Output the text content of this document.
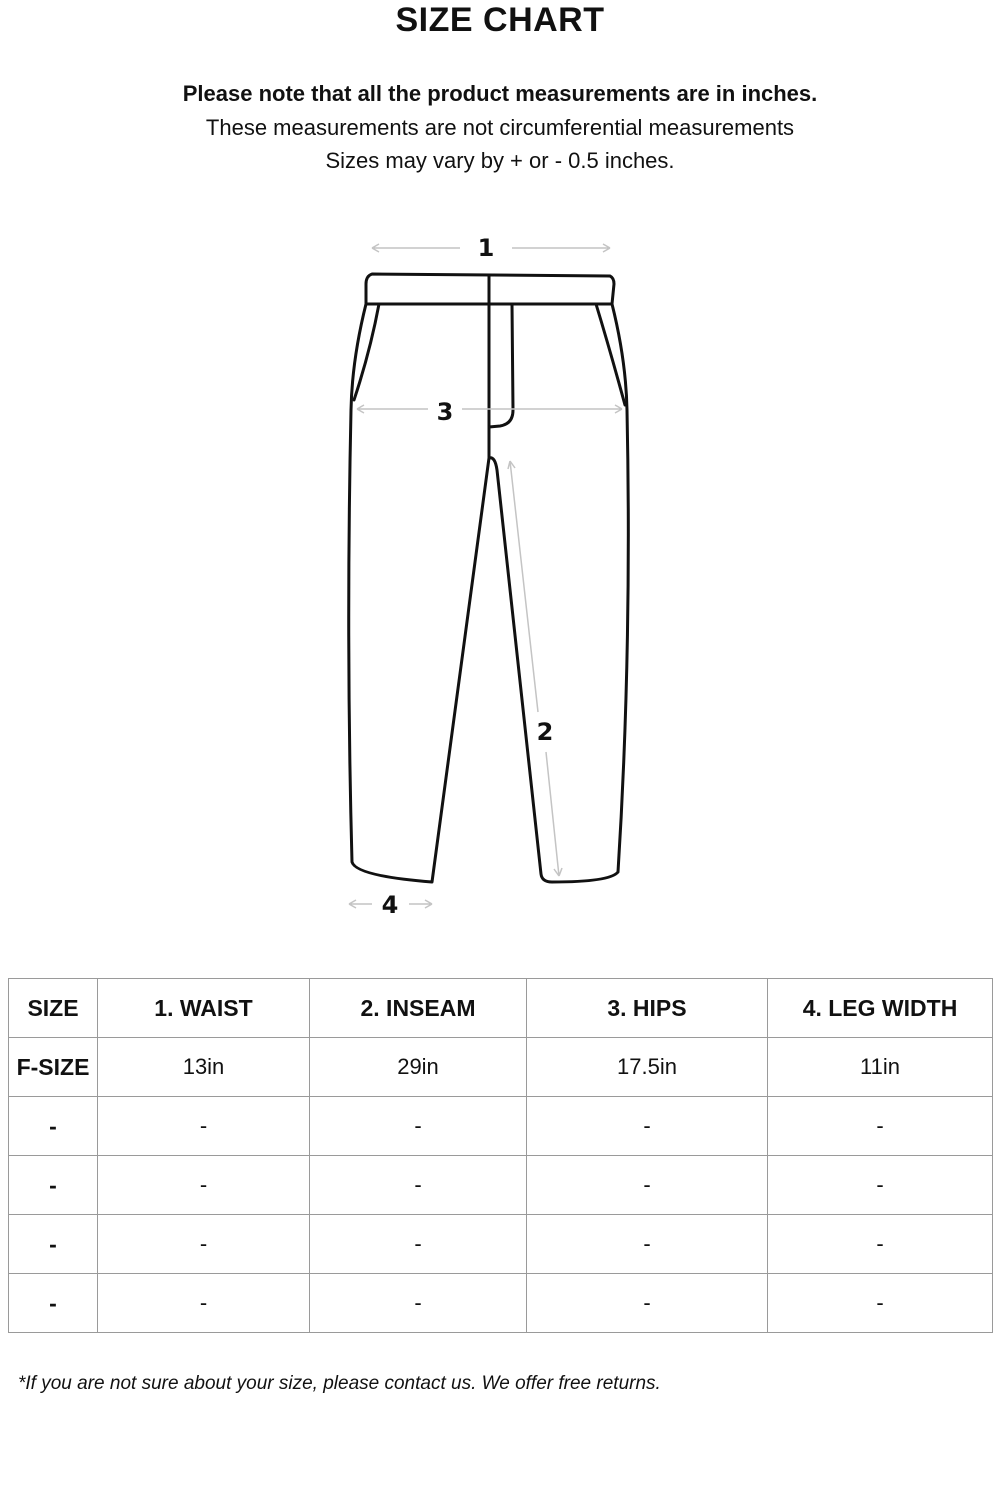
SIZE CHART
Please note that all the product measurements are in inches.
These measurements are not circumferential measurements
Sizes may vary by + or - 0.5 inches.
1
2
3
4
SIZE	1. WAIST	2. INSEAM	3. HIPS	4. LEG WIDTH
F-SIZE	13in	29in	17.5in	11in
-	-	-	-	-
-	-	-	-	-
-	-	-	-	-
-	-	-	-	-
*If you are not sure about your size, please contact us. We offer free returns.
